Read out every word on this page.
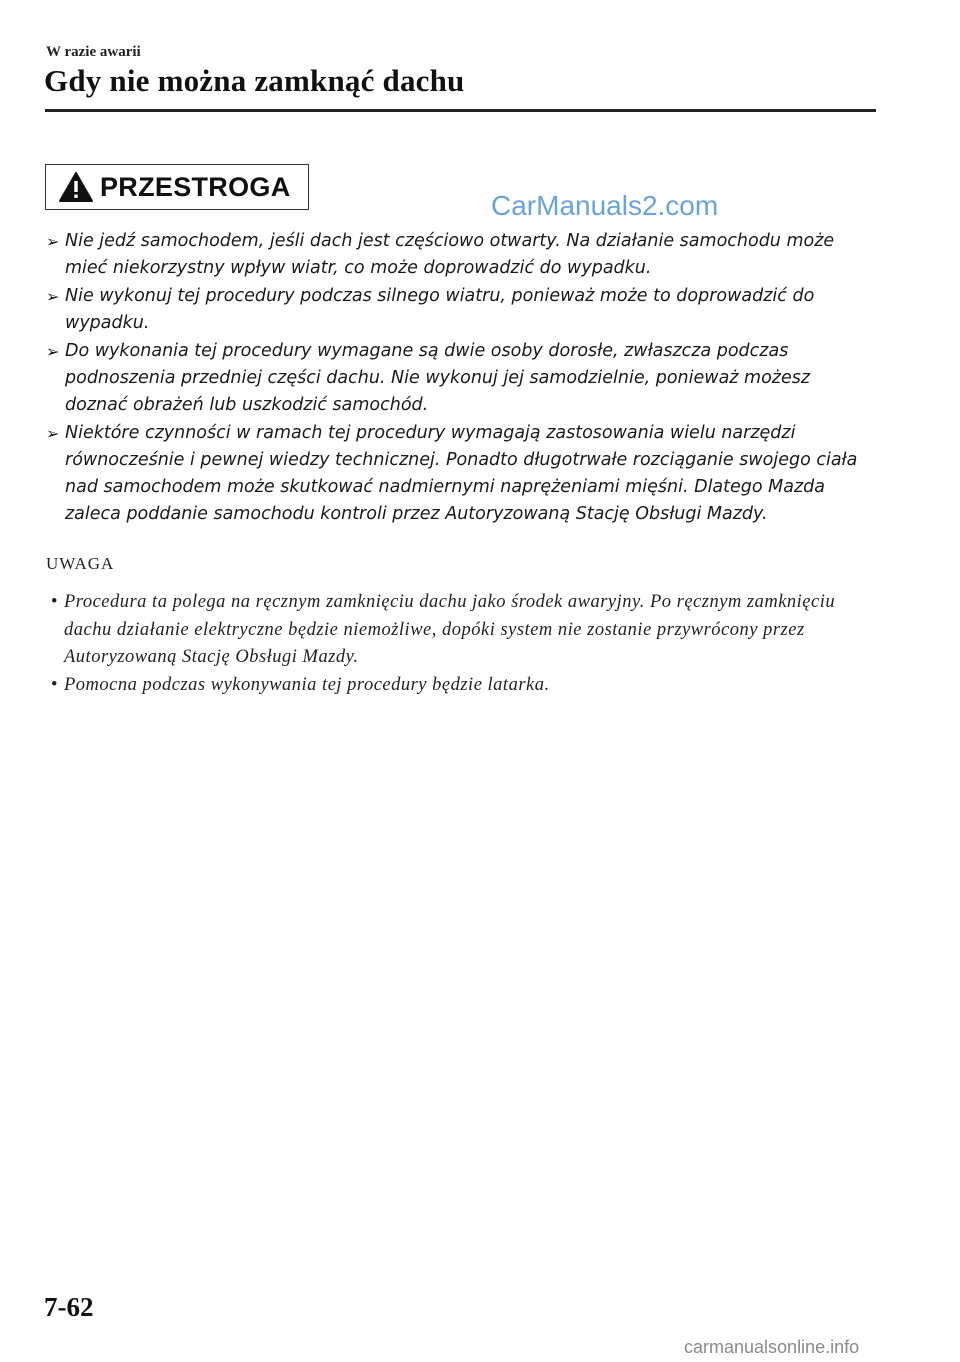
W razie awarii
Gdy nie można zamknąć dachu
PRZESTROGA
CarManuals2.com
➢ Nie jedź samochodem, jeśli dach jest częściowo otwarty. Na działanie samochodu może mieć niekorzystny wpływ wiatr, co może doprowadzić do wypadku.
➢ Nie wykonuj tej procedury podczas silnego wiatru, ponieważ może to doprowadzić do wypadku.
➢ Do wykonania tej procedury wymagane są dwie osoby dorosłe, zwłaszcza podczas podnoszenia przedniej części dachu. Nie wykonuj jej samodzielnie, ponieważ możesz doznać obrażeń lub uszkodzić samochód.
➢ Niektóre czynności w ramach tej procedury wymagają zastosowania wielu narzędzi równocześnie i pewnej wiedzy technicznej. Ponadto długotrwałe rozciąganie swojego ciała nad samochodem może skutkować nadmiernymi naprężeniami mięśni. Dlatego Mazda zaleca poddanie samochodu kontroli przez Autoryzowaną Stację Obsługi Mazdy.
UWAGA
• Procedura ta polega na ręcznym zamknięciu dachu jako środek awaryjny. Po ręcznym zamknięciu dachu działanie elektryczne będzie niemożliwe, dopóki system nie zostanie przywrócony przez Autoryzowaną Stację Obsługi Mazdy.
• Pomocna podczas wykonywania tej procedury będzie latarka.
7-62
carmanualsonline.info
